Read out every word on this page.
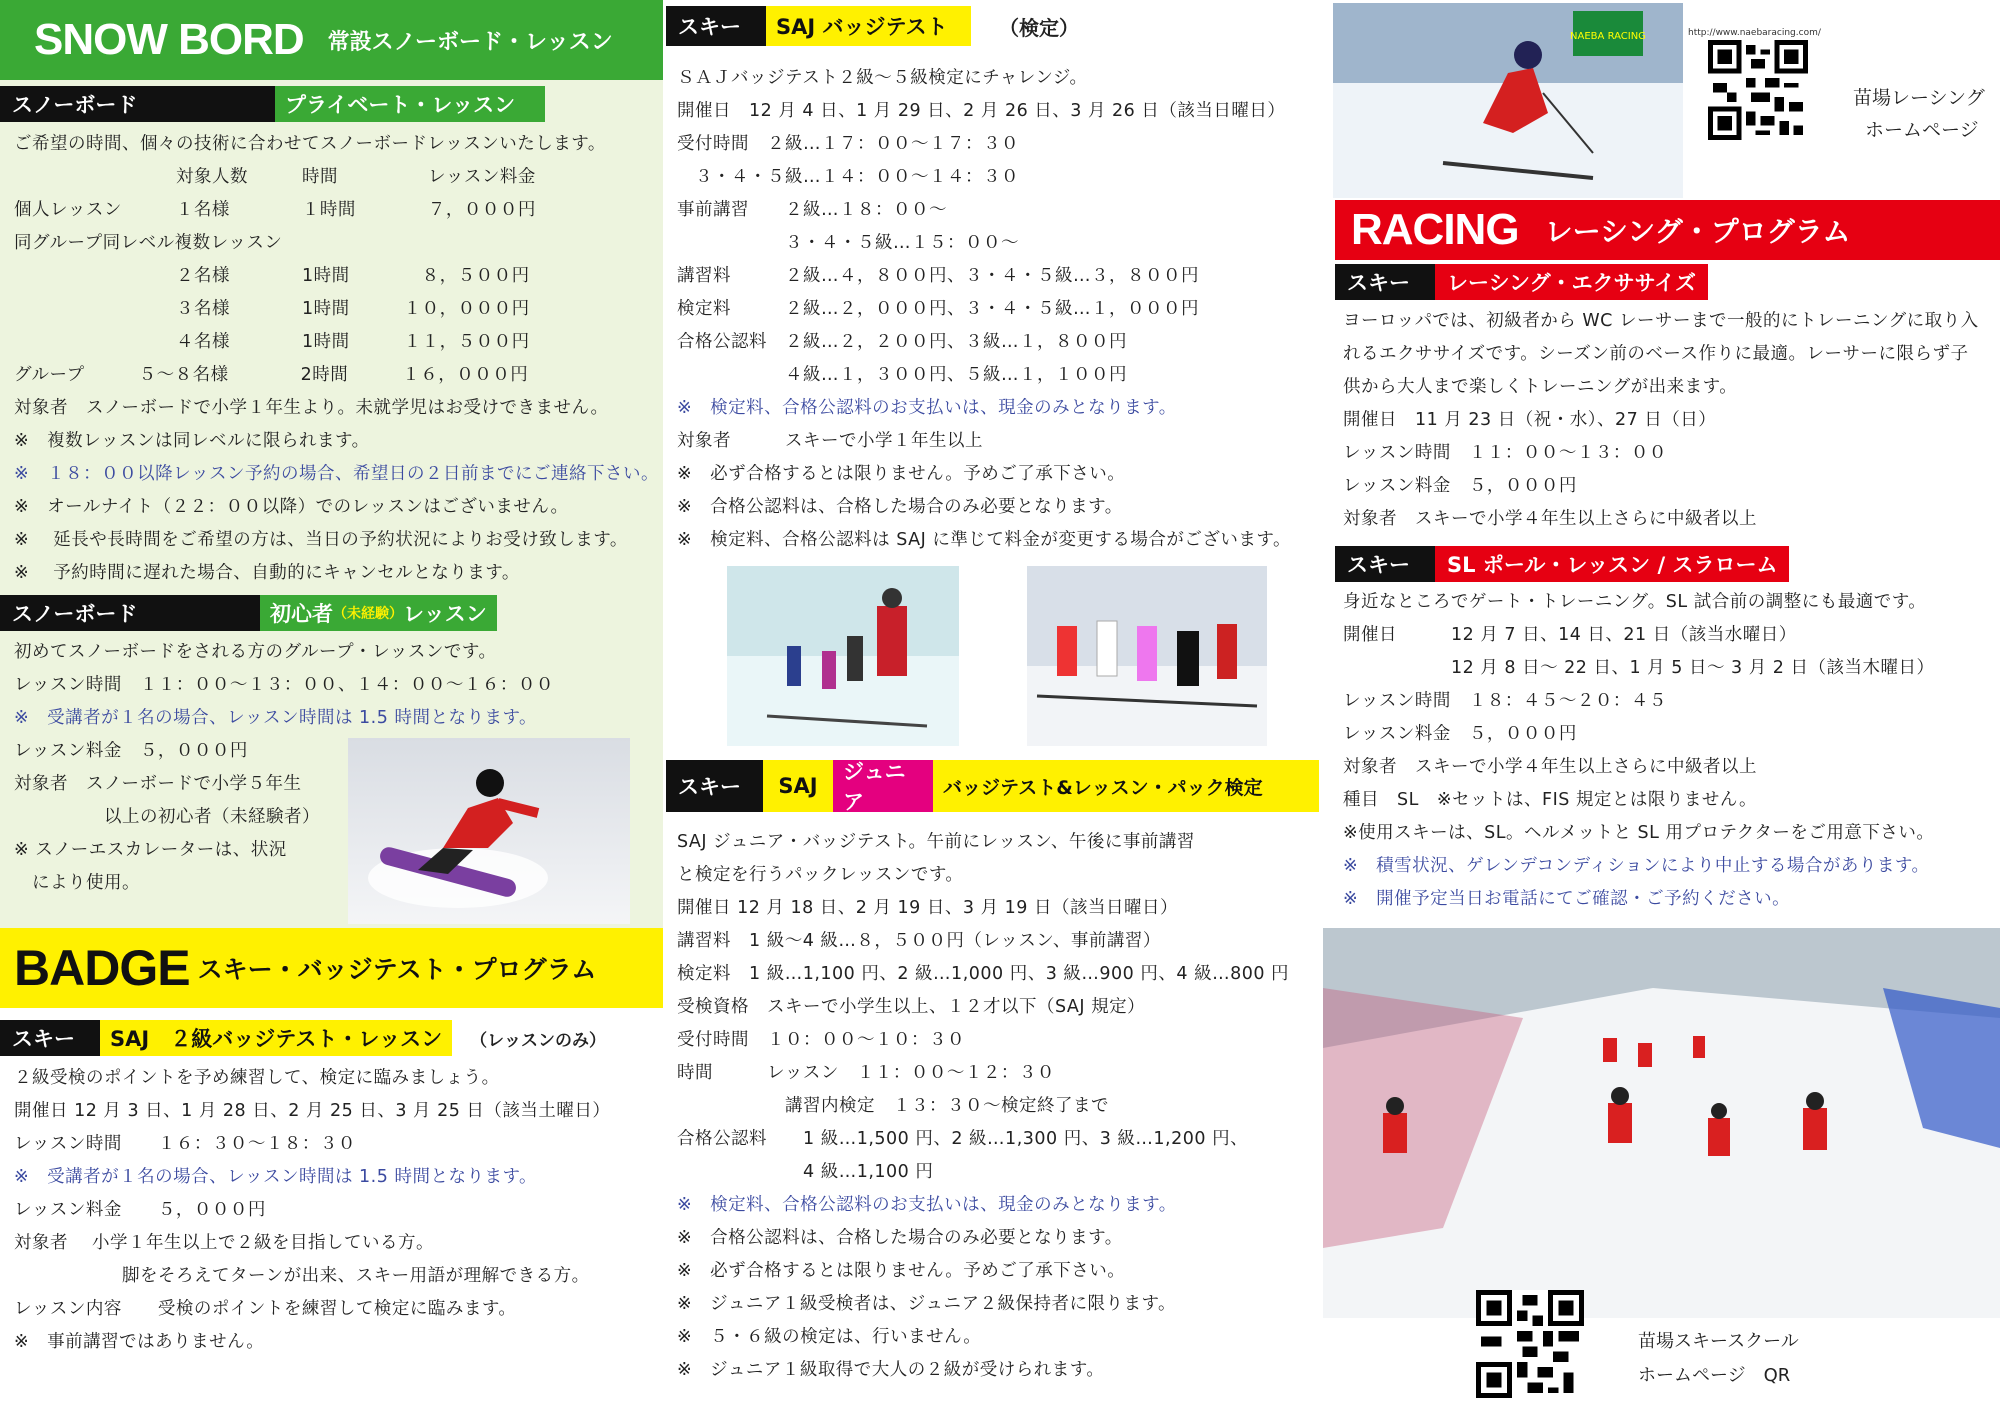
SNOW BORD 常設スノーボード・レッスン
スノーボード	プライベート・レッスン
ご希望の時間、個々の技術に合わせてスノーボードレッスンいたします。
　　　　　　　　　対象人数　　　時間　　　　　レッスン料金
個人レッスン　　　１名様　　　　１時間　　　　７，０００円
同グループ同レベル複数レッスン
　　　　　　　　　２名様　　　　1時間　　　　８，５００円
　　　　　　　　　３名様　　　　1時間　　　１０，０００円
　　　　　　　　　４名様　　　　1時間　　　１１，５００円
グループ　　　５～８名様　　　　2時間　　　１６，０００円
対象者　スノーボードで小学１年生より。未就学児はお受けできません。
※　複数レッスンは同レベルに限られます。
※　１８：００以降レッスン予約の場合、希望日の２日前までにご連絡下さい。
※　オールナイト（２２：００以降）でのレッスンはございません。
※　 延長や長時間をご希望の方は、当日の予約状況によりお受け致します。
※　 予約時間に遅れた場合、自動的にキャンセルとなります。
スノーボード	初心者 （未経験） レッスン
初めてスノーボードをされる方のグループ・レッスンです。
レッスン時間　１１：００～１３：００、１４：００～１６：００
※　受講者が１名の場合、レッスン時間は 1.5 時間となります。
レッスン料金　５，０００円
対象者　スノーボードで小学５年生
　　　　　以上の初心者（未経験者）
※ スノーエスカレーターは、状況
　により使用。
BADGE スキー・バッジテスト・プログラム
スキー	SAJ　２級バッジテスト・レッスン	（レッスンのみ）
２級受検のポイントを予め練習して、検定に臨みましょう。
開催日 12 月 3 日、1 月 28 日、2 月 25 日、3 月 25 日（該当土曜日）
レッスン時間　　１６：３０～１８：３０
※　受講者が１名の場合、レッスン時間は 1.5 時間となります。
レッスン料金　　５，０００円
対象者　 小学１年生以上で２級を目指している方。
　　　　　　脚をそろえてターンが出来、スキー用語が理解できる方。
レッスン内容　　受検のポイントを練習して検定に臨みます。
※　事前講習ではありません。
スキー	SAJ バッジテスト	（検定）
ＳＡＪバッジテスト２級～５級検定にチャレンジ。
開催日　12 月 4 日、1 月 29 日、2 月 26 日、3 月 26 日（該当日曜日）
受付時間　２級…１７：００～１７：３０
　３・４・５級…１４：００～１４：３０
事前講習　　２級…１８：００～
　　　　　　３・４・５級…１５：００～
講習料　　　２級…４，８００円、３・４・５級…３，８００円
検定料　　　２級…２，０００円、３・４・５級…１，０００円
合格公認料　２級…２，２００円、３級…１，８００円
　　　　　　４級…１，３００円、５級…１，１００円
※　検定料、合格公認料のお支払いは、現金のみとなります。
対象者　　　スキーで小学１年生以上
※　必ず合格するとは限りません。予めご了承下さい。
※　合格公認料は、合格した場合のみ必要となります。
※　検定料、合格公認料は SAJ に準じて料金が変更する場合がございます。
スキー	SAJ
ジュニア
バッジテスト&レッスン・パック検定
SAJ ジュニア・バッジテスト。午前にレッスン、午後に事前講習
と検定を行うパックレッスンです。
開催日 12 月 18 日、2 月 19 日、3 月 19 日（該当日曜日）
講習料　1 級～4 級…８，５００円（レッスン、事前講習）
検定料　1 級…1,100 円、2 級…1,000 円、3 級…900 円、4 級…800 円
受検資格　スキーで小学生以上、１２才以下（SAJ 規定）
受付時間　１０：００～１０：３０
時間　　　レッスン　１１：００～１２：３０
　　　　　　講習内検定　１３：３０～検定終了まで
合格公認料　　1 級…1,500 円、2 級…1,300 円、3 級…1,200 円、
　　　　　　　4 級…1,100 円
※　検定料、合格公認料のお支払いは、現金のみとなります。
※　合格公認料は、合格した場合のみ必要となります。
※　必ず合格するとは限りません。予めご了承下さい。
※　ジュニア１級受検者は、ジュニア２級保持者に限ります。
※　５・６級の検定は、行いません。
※　ジュニア１級取得で大人の２級が受けられます。
NAEBA RACING	http://www.naebaracing.com/
苗場レーシング
ホームページ
RACING レーシング・プログラム
スキー	レーシング・エクササイズ
ヨーロッパでは、初級者から WC レーサーまで一般的にトレーニングに取り入
れるエクササイズです。シーズン前のベース作りに最適。レーサーに限らず子
供から大人まで楽しくトレーニングが出来ます。
開催日　11 月 23 日（祝・水）、27 日（日）
レッスン時間　１１：００～１３：００
レッスン料金　５，０００円
対象者　スキーで小学４年生以上さらに中級者以上
スキー	SL ポール・レッスン / スラローム
身近なところでゲート・トレーニング。SL 試合前の調整にも最適です。
開催日　　　12 月 7 日、14 日、21 日（該当水曜日）
　　　　　　12 月 8 日～ 22 日、1 月 5 日～ 3 月 2 日（該当木曜日）
レッスン時間　１８：４５～２０：４５
レッスン料金　５，０００円
対象者　スキーで小学４年生以上さらに中級者以上
種目　SL　※セットは、FIS 規定とは限りません。
※使用スキーは、SL。ヘルメットと SL 用プロテクターをご用意下さい。
※　積雪状況、ゲレンデコンディションにより中止する場合があります。
※　開催予定当日お電話にてご確認・ご予約ください。
苗場スキースクール
ホームページ　QR
